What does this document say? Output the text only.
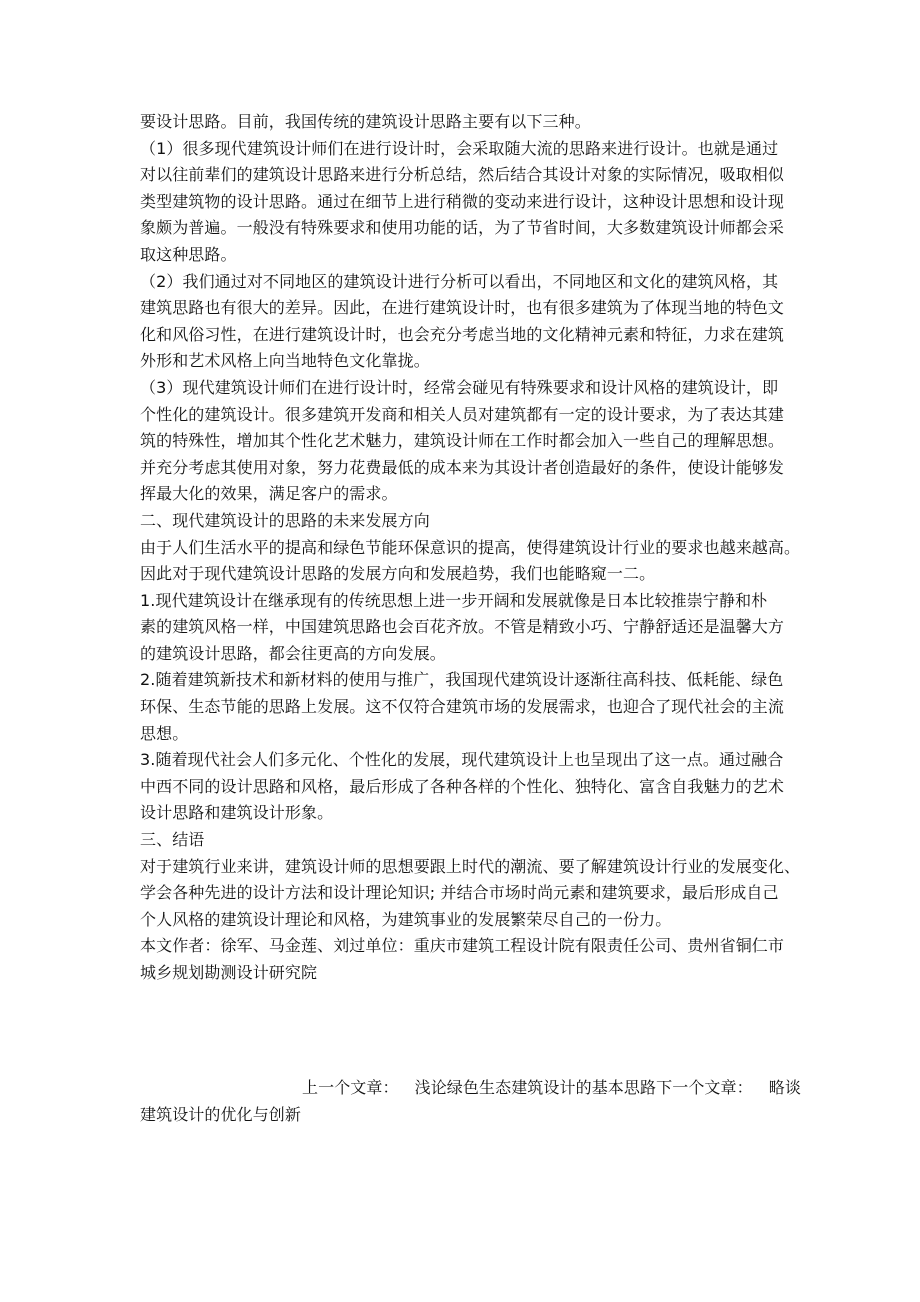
要设计思路。目前，我国传统的建筑设计思路主要有以下三种。
（1）很多现代建筑设计师们在进行设计时，会采取随大流的思路来进行设计。也就是通过
对以往前辈们的建筑设计思路来进行分析总结，然后结合其设计对象的实际情况，吸取相似
类型建筑物的设计思路。通过在细节上进行稍微的变动来进行设计，这种设计思想和设计现
象颇为普遍。一般没有特殊要求和使用功能的话，为了节省时间，大多数建筑设计师都会采
取这种思路。
（2）我们通过对不同地区的建筑设计进行分析可以看出，不同地区和文化的建筑风格，其
建筑思路也有很大的差异。因此，在进行建筑设计时，也有很多建筑为了体现当地的特色文
化和风俗习性，在进行建筑设计时，也会充分考虑当地的文化精神元素和特征，力求在建筑
外形和艺术风格上向当地特色文化靠拢。
（3）现代建筑设计师们在进行设计时，经常会碰见有特殊要求和设计风格的建筑设计，即
个性化的建筑设计。很多建筑开发商和相关人员对建筑都有一定的设计要求，为了表达其建
筑的特殊性，增加其个性化艺术魅力，建筑设计师在工作时都会加入一些自己的理解思想。
并充分考虑其使用对象，努力花费最低的成本来为其设计者创造最好的条件，使设计能够发
挥最大化的效果，满足客户的需求。
二、现代建筑设计的思路的未来发展方向
由于人们生活水平的提高和绿色节能环保意识的提高，使得建筑设计行业的要求也越来越高。
因此对于现代建筑设计思路的发展方向和发展趋势，我们也能略窥一二。
1.现代建筑设计在继承现有的传统思想上进一步开阔和发展就像是日本比较推崇宁静和朴
素的建筑风格一样，中国建筑思路也会百花齐放。不管是精致小巧、宁静舒适还是温馨大方
的建筑设计思路，都会往更高的方向发展。
2.随着建筑新技术和新材料的使用与推广，我国现代建筑设计逐渐往高科技、低耗能、绿色
环保、生态节能的思路上发展。这不仅符合建筑市场的发展需求，也迎合了现代社会的主流
思想。
3.随着现代社会人们多元化、个性化的发展，现代建筑设计上也呈现出了这一点。通过融合
中西不同的设计思路和风格，最后形成了各种各样的个性化、独特化、富含自我魅力的艺术
设计思路和建筑设计形象。
三、结语
对于建筑行业来讲，建筑设计师的思想要跟上时代的潮流、要了解建筑设计行业的发展变化、
学会各种先进的设计方法和设计理论知识; 并结合市场时尚元素和建筑要求，最后形成自己
个人风格的建筑设计理论和风格，为建筑事业的发展繁荣尽自己的一份力。
本文作者：徐军、马金莲、刘过单位：重庆市建筑工程设计院有限责任公司、贵州省铜仁市
城乡规划勘测设计研究院
上一个文章： 浅论绿色生态建筑设计的基本思路下一个文章： 略谈
建筑设计的优化与创新
